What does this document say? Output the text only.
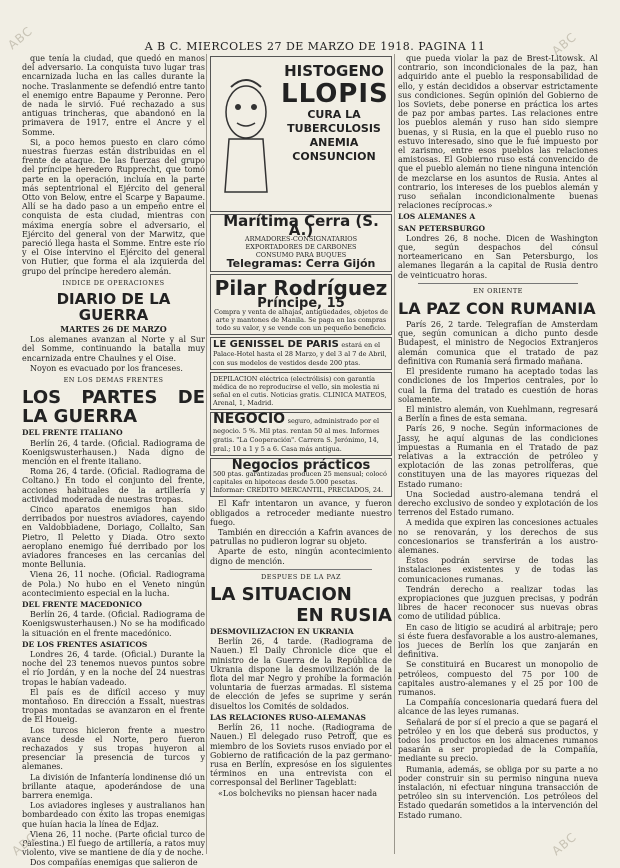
A B C. MIERCOLES 27 DE MARZO DE 1918. PAGINA 11

que tenía la ciudad, que quedó en manos del adversario. La conquista tuvo lugar tras encarnizada lucha en las calles durante la noche. Traslanmente se defendió entre tanto el enemigo entre Bapaume y Peronne. Pero de nada le sirvió. Fué rechazado a sus antiguas trincheras, que abandonó en la primavera de 1917, entre el Ancre y el Somme.

Si, a poco hemos puesto en claro cómo nuestras fuerzas están distribuidas en el frente de ataque. De las fuerzas del grupo del príncipe heredero Rupprecht, que tomó parte en la operación, incluía en la parte más septentrional el Ejército del general Otto von Below, entre el Scarpe y Bapaume. Allí se ha dado paso a un empeño entre el conquista de esta ciudad, mientras con máxima energía sobre el adversario, el Ejército del general von der Marwitz, que pareció llega hasta el Somme. Entre este río y el Oise intervino el Ejército del general von Hutier, que forma el ala izquierda del grupo del príncipe heredero alemán.

INDICE DE OPERACIONES
DIARIO DE LA GUERRA
MARTES 26 DE MARZO

Los alemanes avanzan al Norte y al Sur del Somme, continuando la batalla muy encarnizada entre Chaulnes y el Oise.

Noyon es evacuado por los franceses.

EN LOS DEMAS FRENTES
LOS PARTES DE LA GUERRA
DEL FRENTE ITALIANO

Berlín 26, 4 tarde. (Oficial. Radiograma de Koenigswusterhausen.) Nada digno de mención en el frente italiano.

Roma 26, 4 tarde. (Oficial. Radiograma de Coltano.) En todo el conjunto del frente, acciones habituales de la artillería y actividad moderada de nuestras tropas.

Cinco aparatos enemigos han sido derribados por nuestros aviadores, cayendo en Valdobbiadene, Doriago, Collalto, San Pietro, Il Peletto y Diada. Otro sexto aeroplano enemigo fué derribado por los aviadores franceses en las cercanías del monte Bellunia.

Viena 26, 11 noche. (Oficial. Radiograma de Pola.) No hubo en el Veneto ningún acontecimiento especial en la lucha.

DEL FRENTE MACEDONICO

Berlín 26, 4 tarde. (Oficial. Radiograma de Koenigswusterhausen.) No se ha modificado la situación en el frente macedónico.

DE LOS FRENTES ASIATICOS

Londres 26, 4 tarde. (Oficial.) Durante la noche del 23 tenemos nuevos puntos sobre el río Jordán, y en la noche del 24 nuestras tropas le habían vadeado.

El país es de difícil acceso y muy montañoso. En dirección a Essalt, nuestras tropas montadas se avanzaron en el frente de El Houeig.

Los turcos hicieron frente a nuestro avance desde el Norte, pero fueron rechazados y sus tropas huyeron al presenciar la presencia de turcos y alemanes.

La división de Infantería londinense dió un brillante ataque, apoderándose de una barrera enemiga.

Los aviadores ingleses y australianos han bombardeado con éxito las tropas enemigas que huían hacia la línea de Edjaz.

Viena 26, 11 noche. (Parte oficial turco de Palestina.) El fuego de artillería, a ratos muy violento, vive se mantiene de día y de noche.

Dos compañías enemigas que salieron de

HISTOGENO
LLOPIS
CURA LA
TUBERCULOSIS
ANEMIA
CONSUNCION
Marítima Cerra (S. A.)
ARMADORES-CONSIGNATARIOS
EXPORTADORES DE CARBONES
CONSUMO PARA BUQUES
Telegramas: Cerra Gijón
Pilar Rodríguez
Príncipe, 15
Compra y venta de alhajas, antigüedades, objetos de arte y mantones de Manila. Se paga en las compras todo su valor, y se vende con un pequeño beneficio.
LE GENISSEL DE PARIS estará en el Palace-Hotel hasta el 28 Marzo, y del 3 al 7 de Abril, con sus modelos de vestidos desde 200 ptas.
DEPILACION eléctrica (electrólisis) con garantía médica de no reproducirse el vello, sin molestia ni señal en el cutis. Noticias gratis. CLINICA MATEOS, Arenal, 1, Madrid.
NEGOCIO seguro, administrado por el negocio. 5 %. Mil ptas. rentan 50 al mes. Informes gratis. "La Cooperación". Carrera S. Jerónimo, 14, pral.; 10 a 1 y 5 a 6. Casa más antigua.
Negocios prácticos
500 ptas. garantizadas producen 25 mensual; colocó capitales en hipotecas desde 5.000 pesetas. Informar: CREDITO MERCANTIL, PRECIADOS, 24.

El Kafr intentaron un avance, y fueron obligados a retroceder mediante nuestro fuego.

También en dirección a Kafrin avances de patrullas no pudieron lograr su objeto.

Aparte de esto, ningún acontecimiento digno de mención.

DESPUES DE LA PAZ
LA SITUACION
EN RUSIA
DESMOVILIZACION EN UKRANIA

Berlín 26, 4 tarde. (Radiograma de Nauen.) El Daily Chronicle dice que el ministro de la Guerra de la República de Ukrania dispone la desmovilización de la flota del mar Negro y prohíbe la formación voluntaria de fuerzas armadas. El sistema de elección de jefes se suprime y serán disueltos los Comités de soldados.

LAS RELACIONES RUSO-ALEMANAS

Berlín 26, 11 noche. (Radiograma de Nauen.) El delegado ruso Petroff, que es miembro de los Soviets rusos enviado por el Gobierno de ratificación de la paz germano-rusa en Berlín, expresóse en los siguientes términos en una entrevista con el corresponsal del Berliner Tageblatt:

«Los bolcheviks no piensan hacer nada

que pueda violar la paz de Brest-Litowsk. Al contrario, son incondicionales de la paz, han adquirido ante el pueblo la responsabilidad de ello, y están decididos a observar estrictamente sus condiciones. Según opinión del Gobierno de los Soviets, debe ponerse en práctica los artes de paz por ambas partes. Las relaciones entre los pueblos alemán y ruso han sido siempre buenas, y si Rusia, en la que el pueblo ruso no estuvo interesado, sino que le fué impuesto por el zarismo, entre esos pueblos las relaciones amistosas. El Gobierno ruso está convencido de que el pueblo alemán no tiene ninguna intención de mezclarse en los asuntos de Rusia. Antes al contrario, los intereses de los pueblos alemán y ruso señalan incondicionalmente buenas relaciones recíprocas.»

LOS ALEMANES A
SAN PETERSBURGO

Londres 26, 8 noche. Dicen de Washington que, según despachos del cónsul norteamericano en San Petersburgo, los alemanes llegarán a la capital de Rusia dentro de veinticuatro horas.

EN ORIENTE
LA PAZ CON RUMANIA

París 26, 2 tarde. Telegrafían de Amsterdam que, según comunican a dicho punto desde Budapest, el ministro de Negocios Extranjeros alemán comunica que el tratado de paz definitiva con Rumania será firmado mañana.

El presidente rumano ha aceptado todas las condiciones de los Imperios centrales, por lo cual la firma del tratado es cuestión de horas solamente.

El ministro alemán, von Kuehlmann, regresará a Berlín a fines de esta semana.

París 26, 9 noche. Según informaciones de Jassy, he aquí algunas de las condiciones impuestas a Rumania en el Tratado de paz relativas a la extracción de petróleo y explotación de las zonas petrolíferas, que constituyen una de las mayores riquezas del Estado rumano:

Una Sociedad austro-alemana tendrá el derecho exclusivo de sondeo y explotación de los terrenos del Estado rumano.

A medida que expiren las concesiones actuales no se renovarán, y los derechos de sus concesionarios se transferirán a los austro-alemanes.

Éstos podrán servirse de todas las instalaciones existentes y de todas las comunicaciones rumanas.

Tendrán derecho a realizar todas las expropiaciones que juzguen precisas, y podrán libres de hacer reconocer sus nuevas obras como de utilidad pública.

En caso de litigio se acudirá al arbitraje; pero si éste fuera desfavorable a los austro-alemanes, los jueces de Berlín los que zanjarán en definitiva.

Se constituirá en Bucarest un monopolio de petróleos, compuesto del 75 por 100 de capitales austro-alemanes y el 25 por 100 de rumanos.

La Compañía concesionaria quedará fuera del alcance de las leyes rumanas.

Señalará de por sí el precio a que se pagará el petróleo y en los que deberá sus productos, y todos los productos en los almacenes rumanos pasarán a ser propiedad de la Compañía, mediante su precio.

Rumania, además, se obliga por su parte a no poder construir sin su permiso ninguna nueva instalación, ni efectuar ninguna transacción de petróleo sin su intervención. Los petróleos del Estado quedarán sometidos a la intervención del Estado rumano.

ABC	ABC
ABC	ABC
